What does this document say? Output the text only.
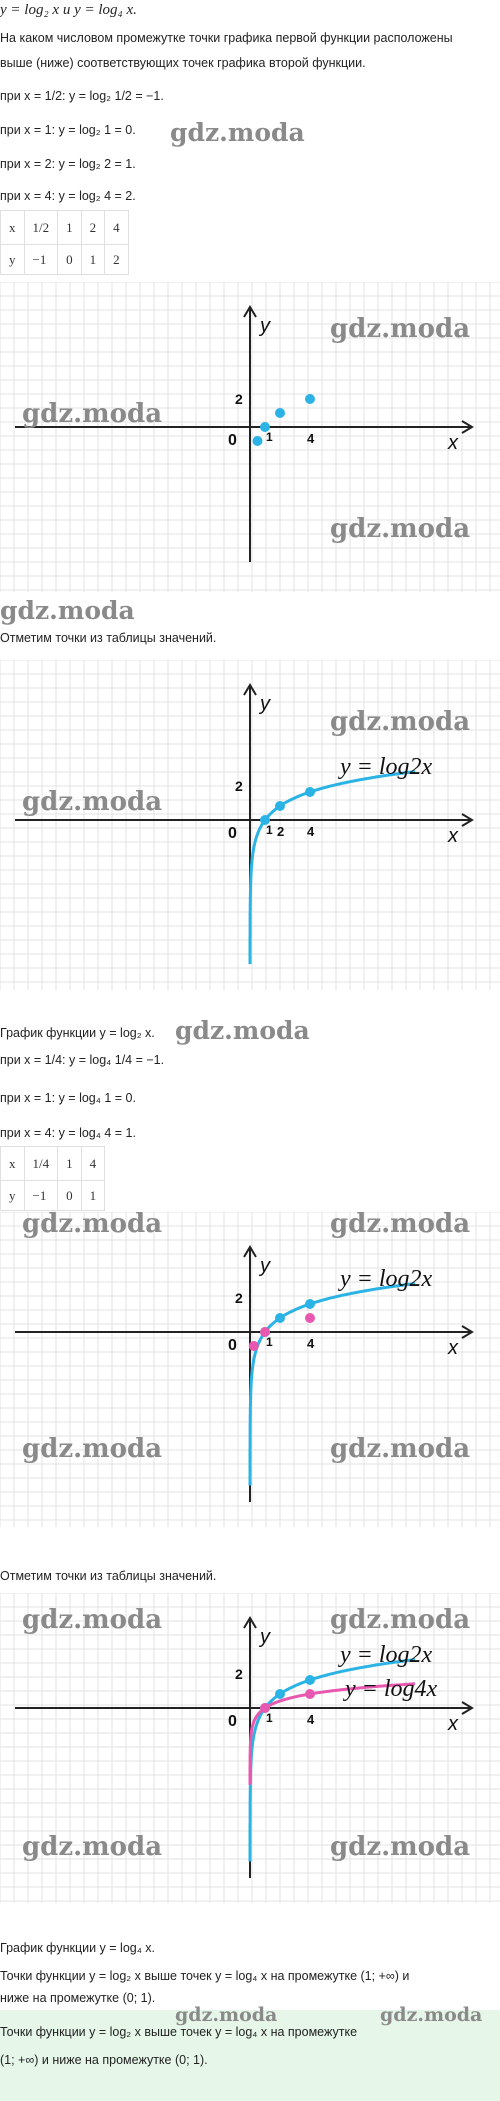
y = log₂ x и y = log₄ x.
На каком числовом промежутке точки графика первой функции расположены
выше (ниже) соответствующих точек графика второй функции.
при x = 1/2: y = log₂ 1/2 = −1.
при x = 1: y = log₂ 1 = 0.	gdz.moda
при x = 2: y = log₂ 2 = 1.
при x = 4: y = log₂ 4 = 2.
x	1/2	1	2	4
y	−1	0	1	2
y
x
0 1
2
4
gdz.moda
gdz.moda
gdz.moda
gdz.moda
Отметим точки из таблицы значений.
y
x
0 1 2
2
4
y = log2x
gdz.moda
gdz.moda
График функции y = log₂ x. gdz.moda
при x = 1/4: y = log₄ 1/4 = −1.
при x = 1: y = log₄ 1 = 0.
при x = 4: y = log₄ 4 = 1.
x	1/4	1	4
y	−1	0	1
y
x
0 1
2
4
y = log2x
gdz.moda	gdz.moda
gdz.moda	gdz.moda
Отметим точки из таблицы значений.
y
x
0 1
2
4
y = log2x
y = log4x
gdz.moda	gdz.moda
gdz.moda	gdz.moda
График функции y = log₄ x.
Точки функции y = log₂ x выше точек y = log₄ x на промежутке (1; +∞) и
ниже на промежутке (0; 1).
gdz.moda	gdz.moda
Точки функции y = log₂ x выше точек y = log₄ x на промежутке
(1; +∞) и ниже на промежутке (0; 1).
